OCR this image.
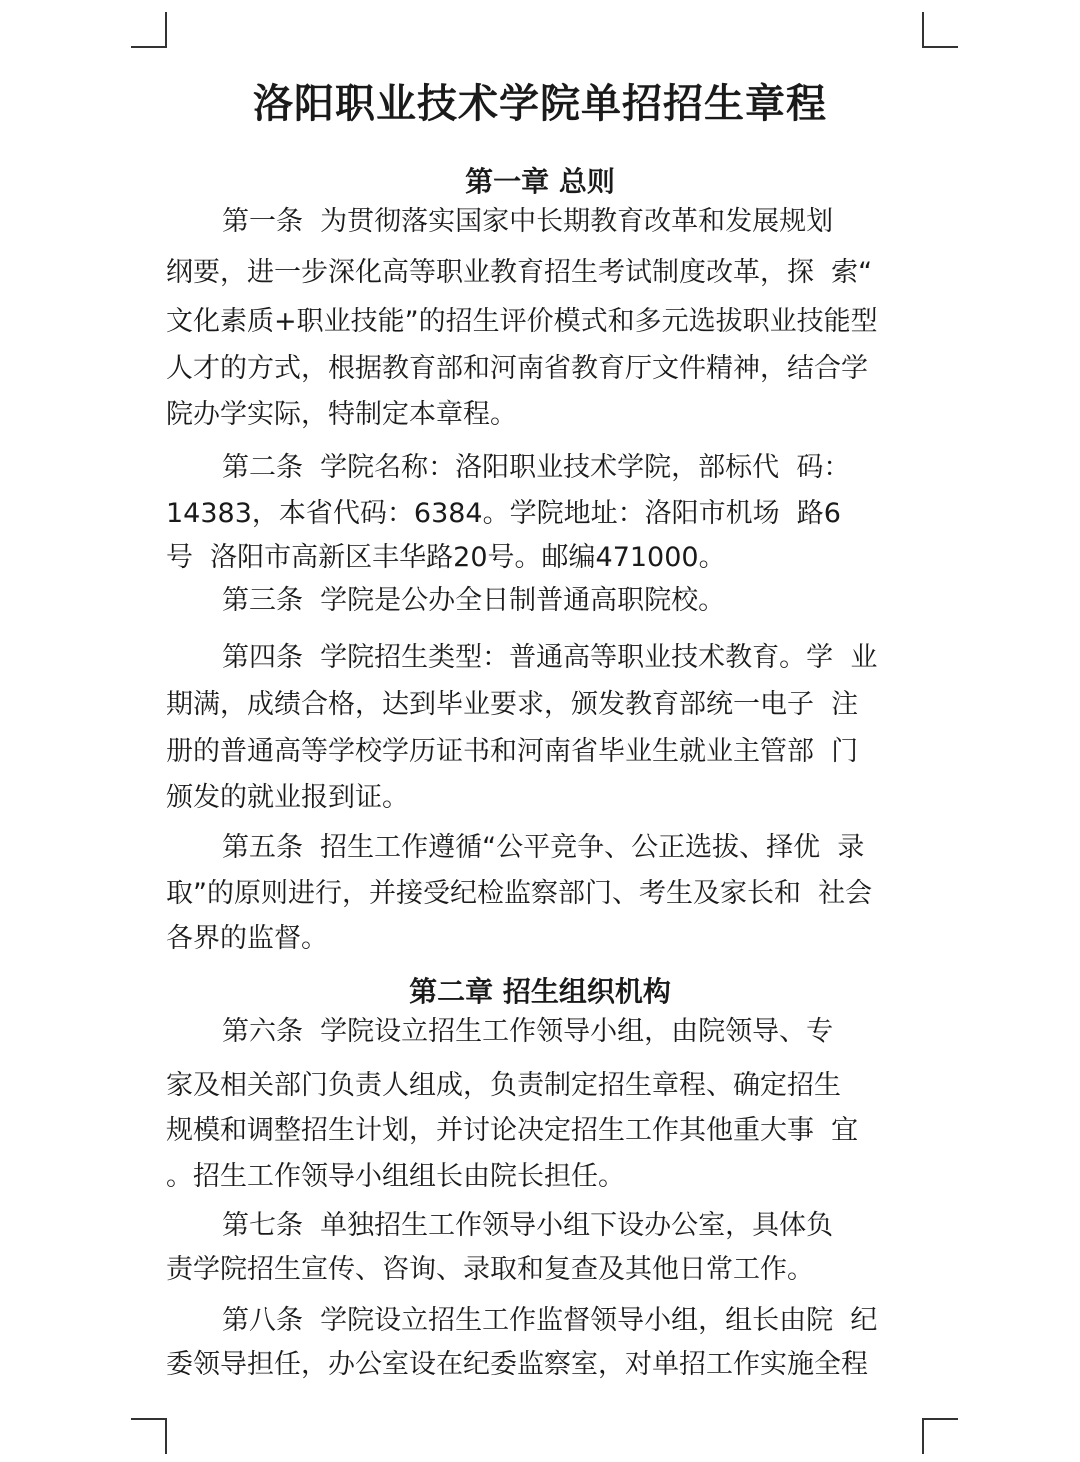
洛阳职业技术学院单招招生章程
第一章 总则
第一条  为贯彻落实国家中长期教育改革和发展规划
纲要，进一步深化高等职业教育招生考试制度改革，探  索“
文化素质+职业技能”的招生评价模式和多元选拔职业技能型
人才的方式，根据教育部和河南省教育厅文件精神，结合学
院办学实际，特制定本章程。
第二条  学院名称：洛阳职业技术学院，部标代  码：
14383，本省代码：6384。学院地址：洛阳市机场  路6
号  洛阳市高新区丰华路20号。邮编471000。
第三条  学院是公办全日制普通高职院校。
第四条  学院招生类型：普通高等职业技术教育。学  业
期满，成绩合格，达到毕业要求，颁发教育部统一电子  注
册的普通高等学校学历证书和河南省毕业生就业主管部  门
颁发的就业报到证。
第五条  招生工作遵循“公平竞争、公正选拔、择优  录
取”的原则进行，并接受纪检监察部门、考生及家长和  社会
各界的监督。
第二章 招生组织机构
第六条  学院设立招生工作领导小组，由院领导、专
家及相关部门负责人组成，负责制定招生章程、确定招生
规模和调整招生计划，并讨论决定招生工作其他重大事  宜
。招生工作领导小组组长由院长担任。
第七条  单独招生工作领导小组下设办公室，具体负
责学院招生宣传、咨询、录取和复查及其他日常工作。
第八条  学院设立招生工作监督领导小组，组长由院  纪
委领导担任，办公室设在纪委监察室，对单招工作实施全程
